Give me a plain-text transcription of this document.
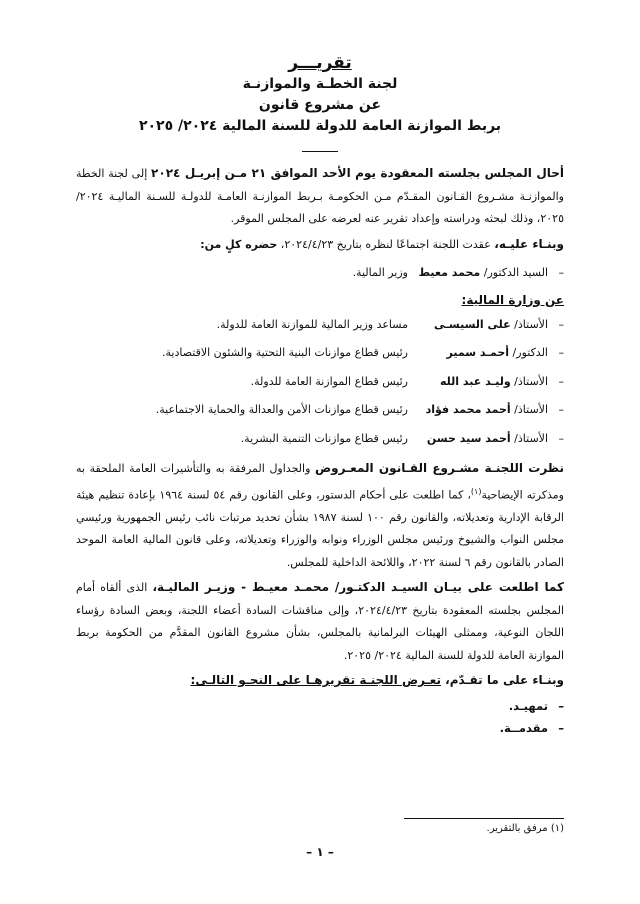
تقريـــر
لجنة الخطـة والموازنـة
عن مشروع قانون
بربط الموازنة العامة للدولة للسنة المالية ٢٠٢٤/ ٢٠٢٥

أحال المجلس بجلسته المعقودة يوم الأحد الموافق ٢١ مـن إبريـل ٢٠٢٤ إلى لجنة الخطة والموازنـة مشـروع القـانون المقـدّم مـن الحكومـة بـربط الموازنـة العامـة للدولـة للسـنة الماليـة ٢٠٢٤/ ٢٠٢٥، وذلك لبحثه ودراسته وإعداد تقرير عنه لعرضه على المجلس الموقر.

وبنـاء عليـه، عقدت اللجنة اجتماعًا لنظره بتاريخ ٢٠٢٤/٤/٢٣، حضره كلٍ من:

–
السيد الدكتور/ محمد معيط
وزير المالية.
عن وزارة المالية:
–
الأستاذ/ على السيسـى
مساعد وزير المالية للموازنة العامة للدولة.
–
الدكتور/ أحمـد سمير
رئيس قطاع موازنات البنية التحتية والشئون الاقتصادية.
–
الأستاذ/ وليـد عبد الله
رئيس قطاع الموازنة العامة للدولة.
–
الأستاذ/ أحمد محمد فؤاد
رئيس قطاع موازنات الأمن والعدالة والحماية الاجتماعية.
–
الأستاذ/ أحمد سيد حسن
رئيس قطاع موازنات التنمية البشرية.

نظرت اللجنـة مشـروع القـانون المعـروض والجداول المرفقة به والتأشيرات العامة الملحقة به ومذكرته الإيضاحية$^{(١)}$، كما اطلعت على أحكام الدستور، وعلى القانون رقم ٥٤ لسنة ١٩٦٤ بإعادة تنظيم هيئة الرقابة الإدارية وتعديلاته، والقانون رقم ١٠٠ لسنة ١٩٨٧ بشأن تحديد مرتبات نائب رئيس الجمهورية ورئيسي مجلس النواب والشيوخ ورئيس مجلس الوزراء ونوابه والوزراء وتعديلاته، وعلى قانون المالية العامة الموحد الصادر بالقانون رقم ٦ لسنة ٢٠٢٢، واللائحة الداخلية للمجلس.

كما اطلعت على بيـان السيـد الدكتـور/ محمـد معيـط - وزيـر الماليـة، الذى ألقاه أمام المجلس بجلسته المعقودة بتاريخ ٢٠٢٤/٤/٢٣، وإلى مناقشات السادة أعضاء اللجنة، وبعض السادة رؤساء اللجان النوعية، وممثلى الهيئات البرلمانية بالمجلس، بشأن مشروع القانون المقدَّم من الحكومة بربط الموازنة العامة للدولة للسنة المالية ٢٠٢٤/ ٢٠٢٥.

وبنـاء على ما تقـدّم، تعـرض اللجنـة تقريرهـا على النحـو التالـى:

–
تمهيـد.
–
مقدمــة.
(١) مرفق بالتقرير.
– ١ –
